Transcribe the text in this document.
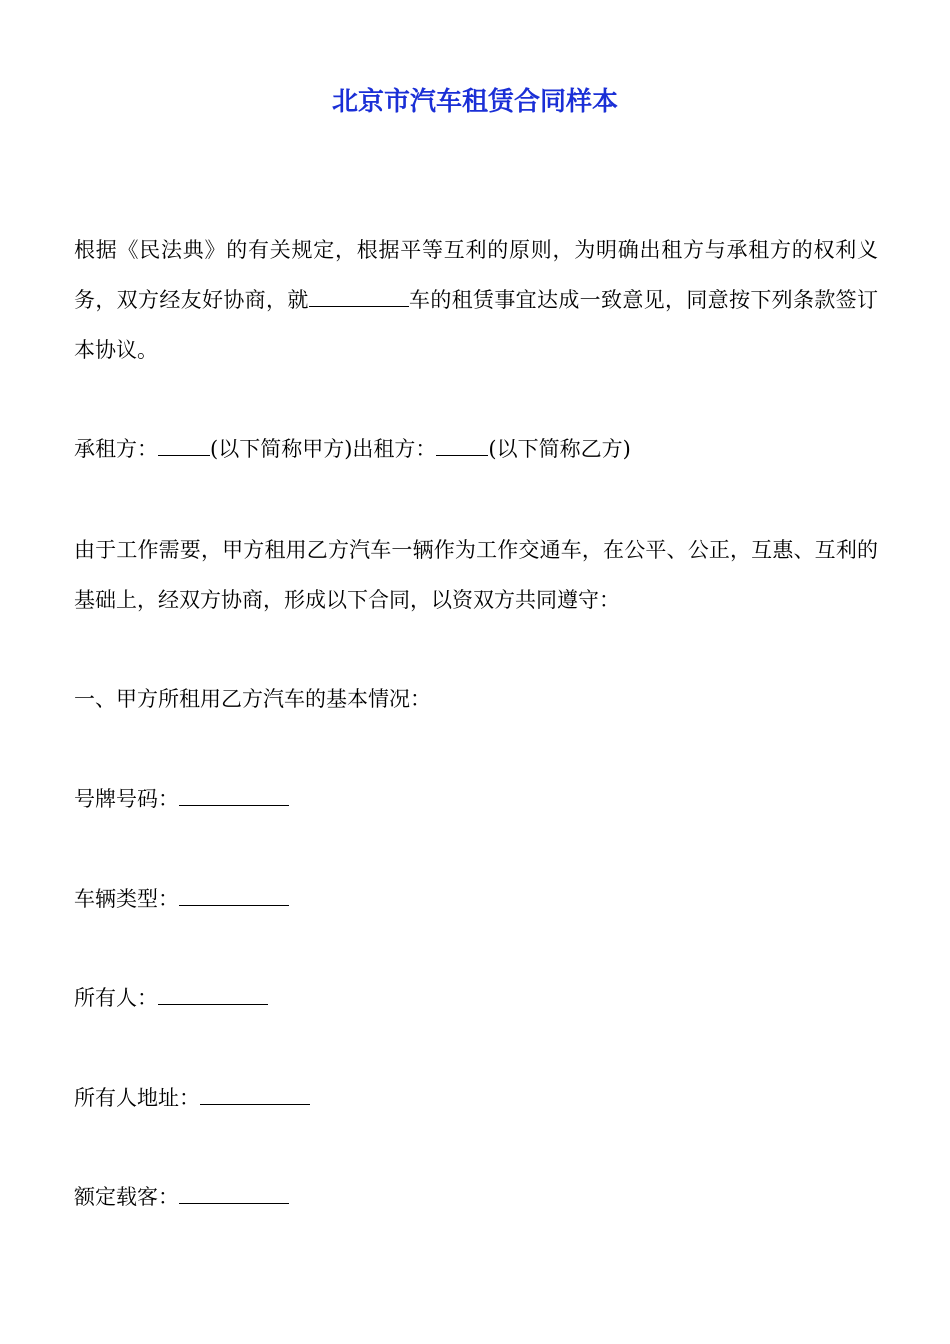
北京市汽车租赁合同样本

根据《民法典》的有关规定，根据平等互利的原则，为明确出租方与承租方的权利义务，双方经友好协商，就	车的租赁事宜达成一致意见，同意按下列条款签订本协议。

承租方： (以下简称甲方)出租方： (以下简称乙方)

由于工作需要，甲方租用乙方汽车一辆作为工作交通车，在公平、公正，互惠、互利的基础上，经双方协商，形成以下合同，以资双方共同遵守：

一、甲方所租用乙方汽车的基本情况：

号牌号码：

车辆类型：

所有人：

所有人地址：

额定载客：
